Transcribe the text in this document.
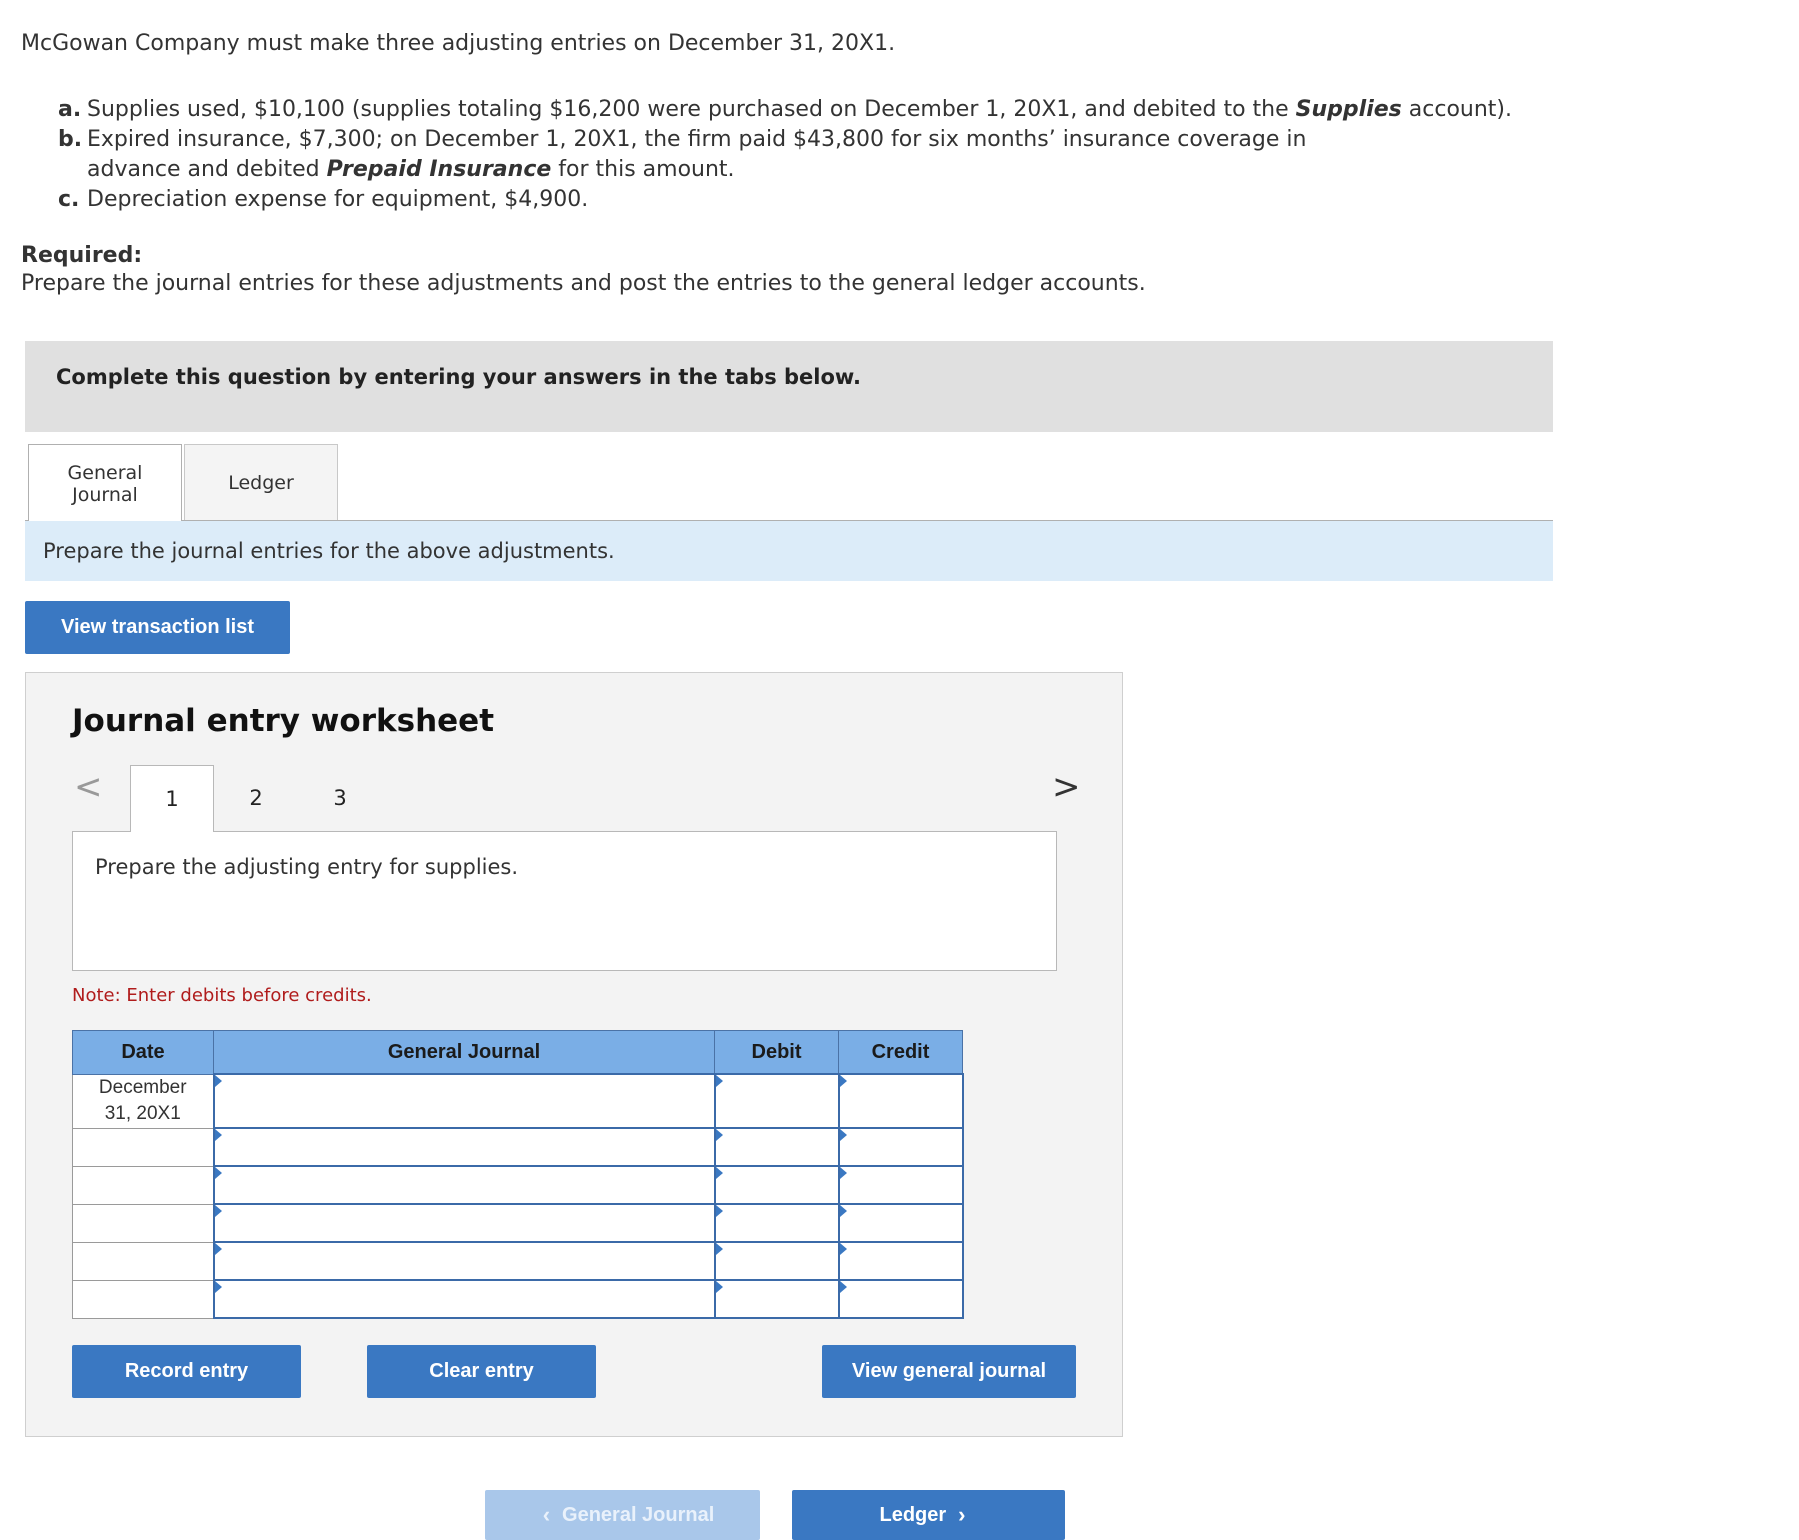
McGowan Company must make three adjusting entries on December 31, 20X1.
a. Supplies used, $10,100 (supplies totaling $16,200 were purchased on December 1, 20X1, and debited to the Supplies account).
b. Expired insurance, $7,300; on December 1, 20X1, the firm paid $43,800 for six months’ insurance coverage in advance and debited Prepaid Insurance for this amount.
c. Depreciation expense for equipment, $4,900.
Required:
Prepare the journal entries for these adjustments and post the entries to the general ledger accounts.
Complete this question by entering your answers in the tabs below.
General
Journal
Ledger
Prepare the journal entries for the above adjustments.
View transaction list
Journal entry worksheet
<	1	2	3	>
Prepare the adjusting entry for supplies.
Note: Enter debits before credits.
Date	General Journal	Debit	Credit

December
31, 20X1			

Record entry	Clear entry	View general journal
‹ General Journal	Ledger ›
